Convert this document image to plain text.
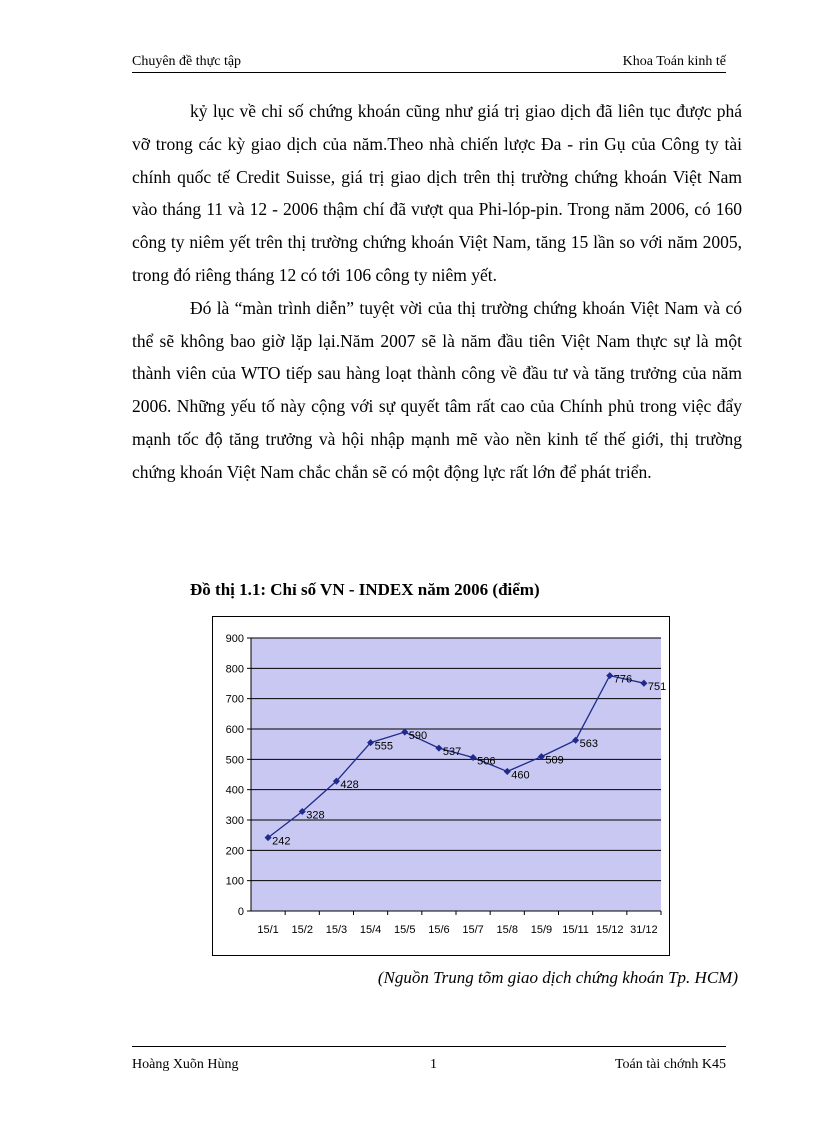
Chuyên đề thực tập	Khoa Toán kinh tế

kỷ lục về chỉ số chứng khoán cũng như giá trị giao dịch đã liên tục được phá vỡ trong các kỳ giao dịch của năm.Theo nhà chiến lược Đa - rin Gụ của Công ty tài chính quốc tế Credit Suisse, giá trị giao dịch trên thị trường chứng khoán Việt Nam vào tháng 11 và 12 - 2006 thậm chí đã vượt qua Phi-lóp-pin. Trong năm 2006, có 160 công ty niêm yết trên thị trường chứng khoán Việt Nam, tăng 15 lần so với năm 2005, trong đó riêng tháng 12 có tới 106 công ty niêm yết.

Đó là “màn trình diễn” tuyệt vời của thị trường chứng khoán Việt Nam và có thể sẽ không bao giờ lặp lại.Năm 2007 sẽ là năm đầu tiên Việt Nam thực sự là một thành viên của WTO tiếp sau hàng loạt thành công về đầu tư và tăng trưởng của năm 2006. Những yếu tố này cộng với sự quyết tâm rất cao của Chính phủ trong việc đẩy mạnh tốc độ tăng trưởng và hội nhập mạnh mẽ vào nền kinh tế thế giới, thị trường chứng khoán Việt Nam chắc chắn sẽ có một động lực rất lớn để phát triển.

Đồ thị 1.1: Chỉ số VN - INDEX năm 2006 (điểm)
0
100
200
300
400
500
600
700
800
900
15/1 15/2 15/3 15/4 15/5 15/6 15/7 15/8 15/9 15/11 15/12 31/12
242
328
428
555
590
537
506
460
509
563
776
751
(Nguồn Trung tõm giao dịch chứng khoán Tp. HCM)
Hoàng Xuõn Hùng	1	Toán tài chớnh K45
